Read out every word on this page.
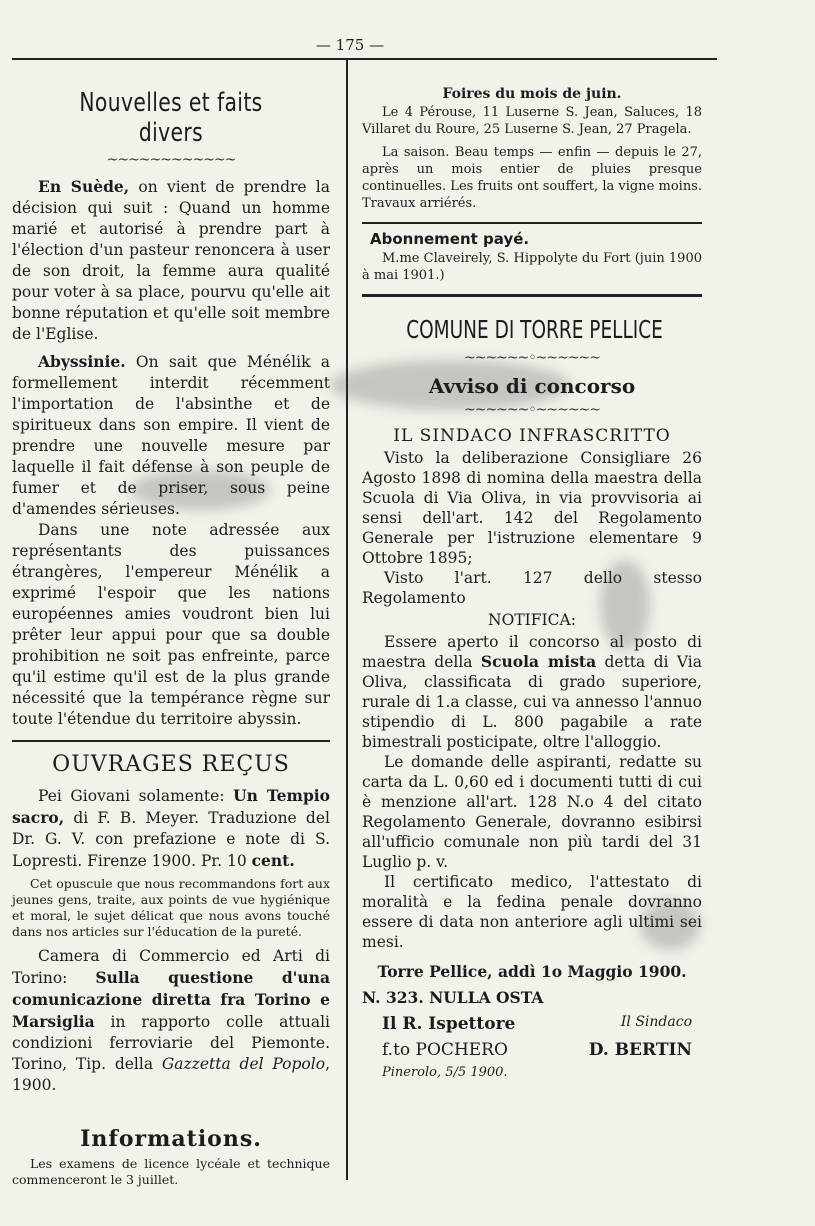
— 175 —
Nouvelles et faits divers
~~~~~~~~~~~~

En Suède, on vient de prendre la décision qui suit : Quand un homme marié et autorisé à prendre part à l'élection d'un pasteur renoncera à user de son droit, la femme aura qualité pour voter à sa place, pourvu qu'elle ait bonne réputation et qu'elle soit membre de l'Eglise.

Abyssinie. On sait que Ménélik a formellement interdit récemment l'importation de l'absinthe et de spiritueux dans son empire. Il vient de prendre une nouvelle mesure par laquelle il fait défense à son peuple de fumer et de priser, sous peine d'amendes sérieuses.

Dans une note adressée aux représentants des puissances étrangères, l'empereur Ménélik a exprimé l'espoir que les nations européennes amies voudront bien lui prêter leur appui pour que sa double prohibition ne soit pas enfreinte, parce qu'il estime qu'il est de la plus grande nécessité que la tempérance règne sur toute l'étendue du territoire abyssin.

OUVRAGES REÇUS

Pei Giovani solamente: Un Tempio sacro, di F. B. Meyer. Traduzione del Dr. G. V. con prefazione e note di S. Lopresti. Firenze 1900. Pr. 10 cent.

Cet opuscule que nous recommandons fort aux jeunes gens, traite, aux points de vue hygiénique et moral, le sujet délicat que nous avons touché dans nos articles sur l'éducation de la pureté.

Camera di Commercio ed Arti di Torino: Sulla questione d'una comunicazione diretta fra Torino e Marsiglia in rapporto colle attuali condizioni ferroviarie del Piemonte. Torino, Tip. della Gazzetta del Popolo, 1900.

Informations.

Les examens de licence lycéale et technique commenceront le 3 juillet.

Foires du mois de juin.

Le 4 Pérouse, 11 Luserne S. Jean, Saluces, 18 Villaret du Roure, 25 Luserne S. Jean, 27 Pragela.

La saison. Beau temps — enfin — depuis le 27, après un mois entier de pluies presque continuelles. Les fruits ont souffert, la vigne moins. Travaux arriérés.

Abonnement payé.

M.me Claveirely, S. Hippolyte du Fort (juin 1900 à mai 1901.)

COMUNE DI TORRE PELLICE
~~~~~~◦~~~~~~
Avviso di concorso
~~~~~~◦~~~~~~
IL SINDACO INFRASCRITTO

Visto la deliberazione Consigliare 26 Agosto 1898 di nomina della maestra della Scuola di Via Oliva, in via provvisoria ai sensi dell'art. 142 del Regolamento Generale per l'istruzione elementare 9 Ottobre 1895;

Visto l'art. 127 dello stesso Regolamento

NOTIFICA:

Essere aperto il concorso al posto di maestra della Scuola mista detta di Via Oliva, classificata di grado superiore, rurale di 1.a classe, cui va annesso l'annuo stipendio di L. 800 pagabile a rate bimestrali posticipate, oltre l'alloggio.

Le domande delle aspiranti, redatte su carta da L. 0,60 ed i documenti tutti di cui è menzione all'art. 128 N.o 4 del citato Regolamento Generale, dovranno esibirsi all'ufficio comunale non più tardi del 31 Luglio p. v.

Il certificato medico, l'attestato di moralità e la fedina penale dovranno essere di data non anteriore agli ultimi sei mesi.

Torre Pellice, addì 1o Maggio 1900.

N. 323. NULLA OSTA

Il R. Ispettore	Il Sindaco
f.to POCHERO	D. BERTIN

Pinerolo, 5/5 1900.
